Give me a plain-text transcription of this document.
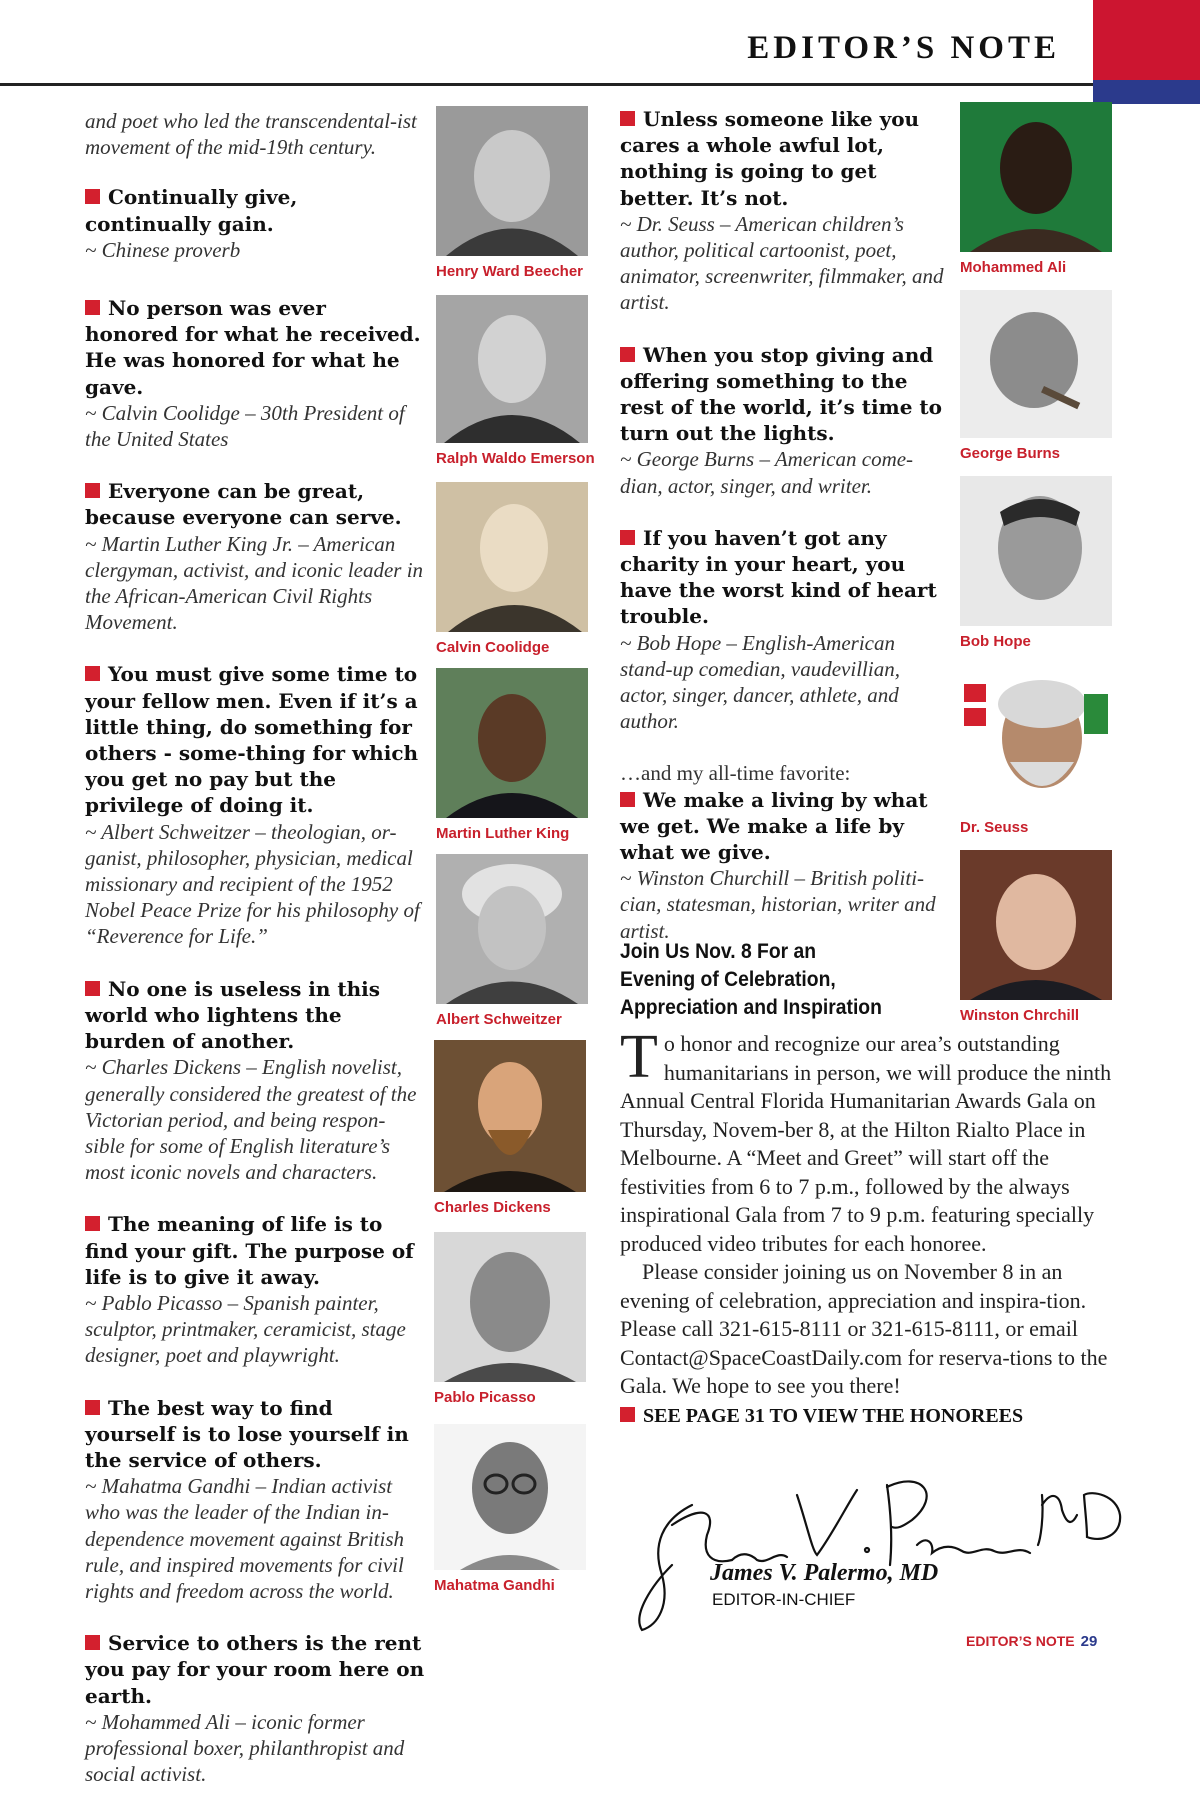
EDITOR’S NOTE

and poet who led the transcendental-ist movement of the mid-19th century.

Continually give, continually gain.

~ Chinese proverb

No person was ever honored for what he received. He was honored for what he gave.

~ Calvin Coolidge – 30th President of the United States

Everyone can be great, because everyone can serve.

~ Martin Luther King Jr. – American clergyman, activist, and iconic leader in the African-American Civil Rights Movement.

You must give some time to your fellow men. Even if it’s a little thing, do something for others - some-thing for which you get no pay but the privilege of doing it.

~ Albert Schweitzer – theologian, or-ganist, philosopher, physician, medical missionary and recipient of the 1952 Nobel Peace Prize for his philosophy of “Reverence for Life.”

No one is useless in this world who lightens the burden of another.

~ Charles Dickens – English novelist, generally considered the greatest of the Victorian period, and being respon-sible for some of English literature’s most iconic novels and characters.

The meaning of life is to find your gift. The purpose of life is to give it away.

~ Pablo Picasso – Spanish painter, sculptor, printmaker, ceramicist, stage designer, poet and playwright.

The best way to find yourself is to lose yourself in the service of others.

~ Mahatma Gandhi – Indian activist who was the leader of the Indian in-dependence movement against British rule, and inspired movements for civil rights and freedom across the world.

Service to others is the rent you pay for your room here on earth.

~ Mohammed Ali – iconic former professional boxer, philanthropist and social activist.

Henry Ward Beecher
Ralph Waldo Emerson
Calvin Coolidge
Martin Luther King
Albert Schweitzer
Charles Dickens
Pablo Picasso
Mahatma Gandhi

Unless someone like you cares a whole awful lot, nothing is going to get better. It’s not.

~ Dr. Seuss – American children’s author, political cartoonist, poet, animator, screenwriter, filmmaker, and artist.

When you stop giving and offering something to the rest of the world, it’s time to turn out the lights.

~ George Burns – American come-dian, actor, singer, and writer.

If you haven’t got any charity in your heart, you have the worst kind of heart trouble.

~ Bob Hope – English-American stand-up comedian, vaudevillian, actor, singer, dancer, athlete, and author.

…and my all-time favorite:

We make a living by what we get. We make a life by what we give.

~ Winston Churchill – British politi-cian, statesman, historian, writer and artist.

Join Us Nov. 8 For an Evening of Celebration, Appreciation and Inspiration

To honor and recognize our area’s outstanding humanitarians in person, we will produce the ninth Annual Central Florida Humanitarian Awards Gala on Thursday, Novem-ber 8, at the Hilton Rialto Place in Melbourne. A “Meet and Greet” will start off the festivities from 6 to 7 p.m., followed by the always inspirational Gala from 7 to 9 p.m. featuring specially produced video tributes for each honoree.

Please consider joining us on November 8 in an evening of celebration, appreciation and inspira-tion. Please call 321-615-8111 or 321-615-8111, or email Contact@SpaceCoastDaily.com for reserva-tions to the Gala. We hope to see you there!

SEE PAGE 31 TO VIEW THE HONOREES
Mohammed Ali
George Burns
Bob Hope
Dr. Seuss
Winston Chrchill
James V. Palermo, MD
EDITOR-IN-CHIEF
EDITOR’S NOTE 29
